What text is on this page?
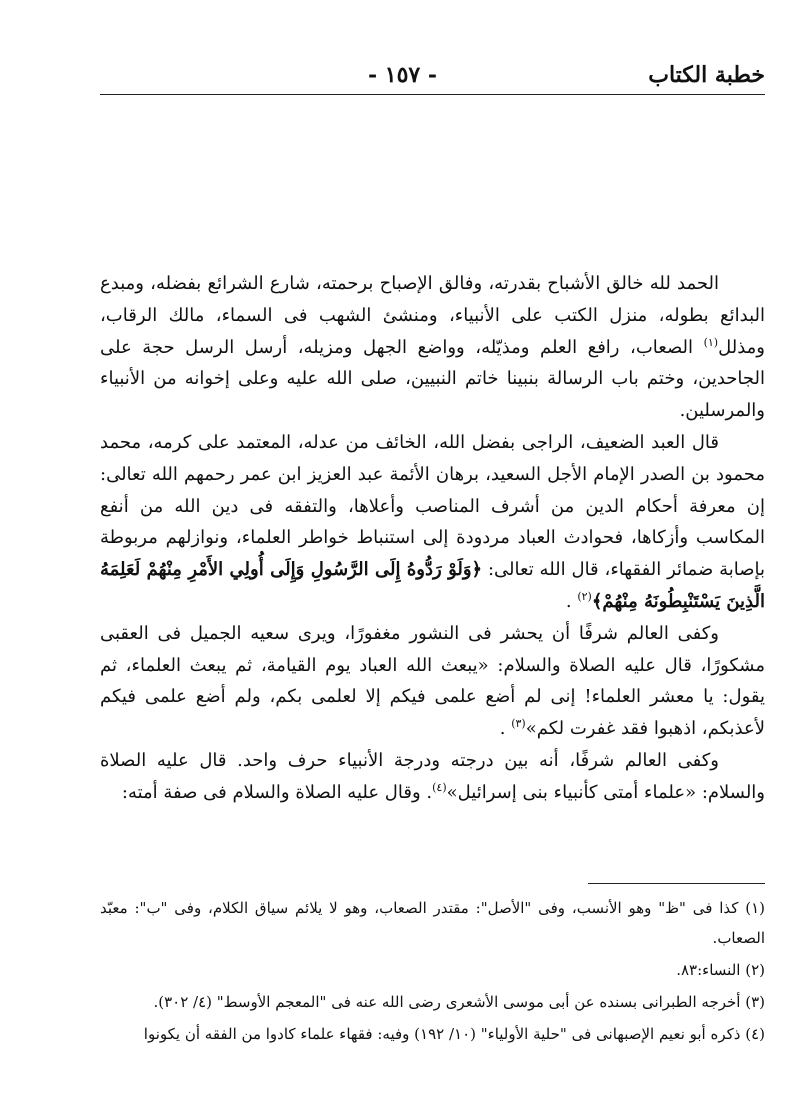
خطبة الكتاب
- ١٥٧ -

الحمد لله خالق الأشباح بقدرته، وفالق الإصباح برحمته، شارع الشرائع بفضله، ومبدع البدائع بطوله، منزل الكتب على الأنبياء، ومنشئ الشهب فى السماء، مالك الرقاب، ومذلل$^{(١)}$ الصعاب، رافع العلم ومذيّله، وواضع الجهل ومزيله، أرسل الرسل حجة على الجاحدين، وختم باب الرسالة بنبينا خاتم النبيين، صلى الله عليه وعلى إخوانه من الأنبياء والمرسلين.

قال العبد الضعيف، الراجى بفضل الله، الخائف من عدله، المعتمد على كرمه، محمد محمود بن الصدر الإمام الأجل السعيد، برهان الأئمة عبد العزيز ابن عمر رحمهم الله تعالى: إن معرفة أحكام الدين من أشرف المناصب وأعلاها، والتفقه فى دين الله من أنفع المكاسب وأزكاها، فحوادث العباد مردودة إلى استنباط خواطر العلماء، ونوازلهم مربوطة بإصابة ضمائر الفقهاء، قال الله تعالى: ﴿وَلَوْ رَدُّوهُ إِلَى الرَّسُولِ وَإِلَى أُولِي الأَمْرِ مِنْهُمْ لَعَلِمَهُ الَّذِينَ يَسْتَنْبِطُونَهُ مِنْهُمْ﴾$^{(٢)}$ .

وكفى العالم شرفًا أن يحشر فى النشور مغفورًا، ويرى سعيه الجميل فى العقبى مشكورًا، قال عليه الصلاة والسلام: «يبعث الله العباد يوم القيامة، ثم يبعث العلماء، ثم يقول: يا معشر العلماء! إنى لم أضع علمى فيكم إلا لعلمى بكم، ولم أضع علمى فيكم لأعذبكم، اذهبوا فقد غفرت لكم»$^{(٣)}$ .

وكفى العالم شرفًا، أنه بين درجته ودرجة الأنبياء حرف واحد. قال عليه الصلاة والسلام: «علماء أمتى كأنبياء بنى إسرائيل»$^{(٤)}$. وقال عليه الصلاة والسلام فى صفة أمته:

(١) كذا فى "ظ" وهو الأنسب، وفى "الأصل": مقتدر الصعاب، وهو لا يلائم سياق الكلام، وفى "ب": معبّد الصعاب.

(٢) النساء:٨٣.

(٣) أخرجه الطبرانى بسنده عن أبى موسى الأشعرى رضى الله عنه فى "المعجم الأوسط" (٤/ ٣٠٢).

(٤) ذكره أبو نعيم الإصبهانى فى "حلية الأولياء" (١٠/ ١٩٢) وفيه: فقهاء علماء كادوا من الفقه أن يكونوا
